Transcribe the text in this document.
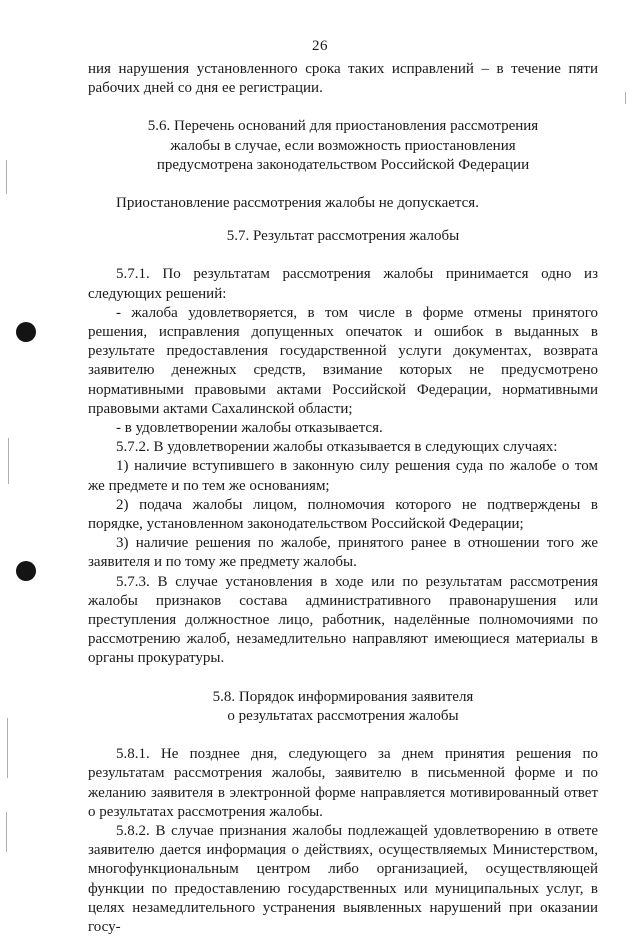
26

ния нарушения установленного срока таких исправлений – в течение пяти рабочих дней со дня ее регистрации.

5.6. Перечень оснований для приостановления рассмотрения жалобы в случае, если возможность приостановления предусмотрена законодательством Российской Федерации

Приостановление рассмотрения жалобы не допускается.

5.7. Результат рассмотрения жалобы

5.7.1. По результатам рассмотрения жалобы принимается одно из следующих решений:

- жалоба удовлетворяется, в том числе в форме отмены принятого решения, исправления допущенных опечаток и ошибок в выданных в результате предоставления государственной услуги документах, возврата заявителю денежных средств, взимание которых не предусмотрено нормативными правовыми актами Российской Федерации, нормативными правовыми актами Сахалинской области;

- в удовлетворении жалобы отказывается.

5.7.2. В удовлетворении жалобы отказывается в следующих случаях:

1) наличие вступившего в законную силу решения суда по жалобе о том же предмете и по тем же основаниям;

2) подача жалобы лицом, полномочия которого не подтверждены в порядке, установленном законодательством Российской Федерации;

3) наличие решения по жалобе, принятого ранее в отношении того же заявителя и по тому же предмету жалобы.

5.7.3. В случае установления в ходе или по результатам рассмотрения жалобы признаков состава административного правонарушения или преступления должностное лицо, работник, наделённые полномочиями по рассмотрению жалоб, незамедлительно направляют имеющиеся материалы в органы прокуратуры.

5.8. Порядок информирования заявителя о результатах рассмотрения жалобы

5.8.1. Не позднее дня, следующего за днем принятия решения по результатам рассмотрения жалобы, заявителю в письменной форме и по желанию заявителя в электронной форме направляется мотивированный ответ о результатах рассмотрения жалобы.

5.8.2. В случае признания жалобы подлежащей удовлетворению в ответе заявителю дается информация о действиях, осуществляемых Министерством, многофункциональным центром либо организацией, осуществляющей функции по предоставлению государственных или муниципальных услуг, в целях незамедлительного устранения выявленных нарушений при оказании госу-
